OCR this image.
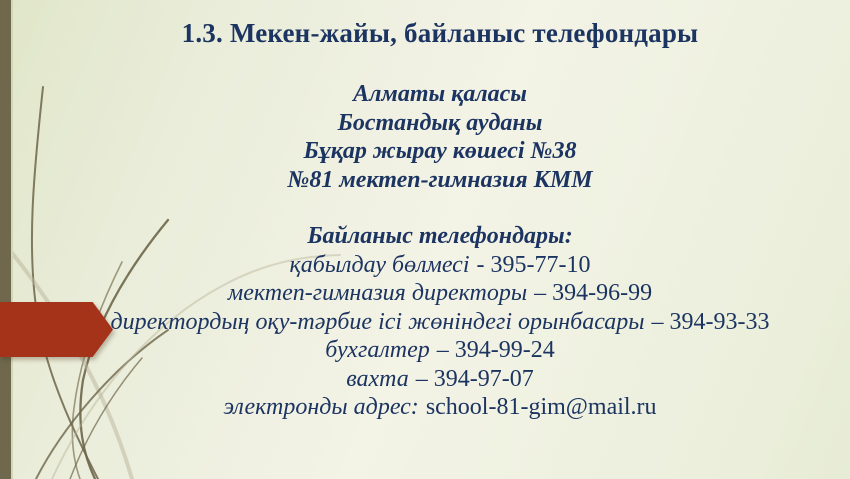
1.3. Мекен-жайы, байланыс телефондары
Алматы қаласы
Бостандық ауданы
Бұқар жырау көшесі №38
№81 мектеп-гимназия КММ
Байланыс телефондары:
қабылдау бөлмесі - 395-77-10
мектеп-гимназия директоры – 394-96-99
директордың оқу-тәрбие ісі жөніндегі орынбасары – 394-93-33
бухгалтер – 394-99-24
вахта – 394-97-07
электронды адрес: school-81-gim@mail.ru
